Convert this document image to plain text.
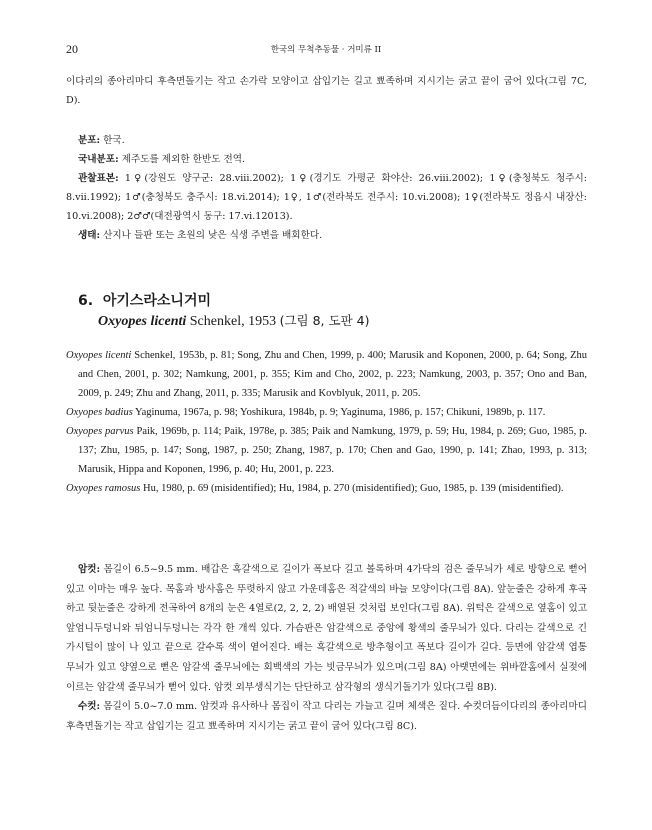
20	한국의 무척추동물 · 거미류 II
이다리의 종아리마디 후측면돌기는 작고 손가락 모양이고 삽입기는 길고 뾰족하며 지시기는 굵고 끝이 굽어 있다(그림 7C, D).

분포: 한국.

국내분포: 제주도를 제외한 한반도 전역.

관찰표본: 1♀(강원도 양구군: 28.viii.2002); 1♀(경기도 가평군 화야산: 26.viii.2002); 1♀(충청북도 청주시: 8.vii.1992); 1♂(충청북도 충주시: 18.vi.2014); 1♀, 1♂(전라북도 전주시: 10.vi.2008); 1♀(전라북도 정읍시 내장산: 10.vi.2008); 2♂♂(대전광역시 동구: 17.vi.12013).

생태: 산지나 들판 또는 초원의 낮은 식생 주변을 배회한다.

6. 아기스라소니거미
Oxyopes licenti Schenkel, 1953 (그림 8, 도판 4)

Oxyopes licenti Schenkel, 1953b, p. 81; Song, Zhu and Chen, 1999, p. 400; Marusik and Koponen, 2000, p. 64; Song, Zhu and Chen, 2001, p. 302; Namkung, 2001, p. 355; Kim and Cho, 2002, p. 223; Namkung, 2003, p. 357; Ono and Ban, 2009, p. 249; Zhu and Zhang, 2011, p. 335; Marusik and Kovblyuk, 2011, p. 205.

Oxyopes badius Yaginuma, 1967a, p. 98; Yoshikura, 1984b, p. 9; Yaginuma, 1986, p. 157; Chikuni, 1989b, p. 117.

Oxyopes parvus Paik, 1969b, p. 114; Paik, 1978e, p. 385; Paik and Namkung, 1979, p. 59; Hu, 1984, p. 269; Guo, 1985, p. 137; Zhu, 1985, p. 147; Song, 1987, p. 250; Zhang, 1987, p. 170; Chen and Gao, 1990, p. 141; Zhao, 1993, p. 313; Marusik, Hippa and Koponen, 1996, p. 40; Hu, 2001, p. 223.

Oxyopes ramosus Hu, 1980, p. 69 (misidentified); Hu, 1984, p. 270 (misidentified); Guo, 1985, p. 139 (misidentified).

암컷: 몸길이 6.5~9.5 mm. 배갑은 흑갈색으로 길이가 폭보다 길고 볼록하며 4가닥의 검은 줄무늬가 세로 방향으로 뻗어 있고 이마는 매우 높다. 목홈과 방사홈은 뚜렷하지 않고 가운데홈은 적갈색의 바늘 모양이다(그림 8A). 앞눈줄은 강하게 후곡하고 뒷눈줄은 강하게 전곡하여 8개의 눈은 4열로(2, 2, 2, 2) 배열된 것처럼 보인다(그림 8A). 위턱은 갈색으로 옆홈이 있고 앞엄니두덩니와 뒤엄니두덩니는 각각 한 개씩 있다. 가슴판은 암갈색으로 중앙에 황색의 줄무늬가 있다. 다리는 갈색으로 긴 가시털이 많이 나 있고 끝으로 갈수록 색이 옅어진다. 배는 흑갈색으로 방추형이고 폭보다 길이가 길다. 등면에 암갈색 엽통 무늬가 있고 양옆으로 뻗은 암갈색 줄무늬에는 회백색의 가는 빗금무늬가 있으며(그림 8A) 아랫면에는 위바깥홈에서 실젖에 이르는 암갈색 줄무늬가 뻗어 있다. 암컷 외부생식기는 단단하고 삼각형의 생식기돌기가 있다(그림 8B).

수컷: 몸길이 5.0~7.0 mm. 암컷과 유사하나 몸집이 작고 다리는 가늘고 길며 체색은 짙다. 수컷더듬이다리의 종아리마디 후측면돌기는 작고 삽입기는 길고 뾰족하며 지시기는 굵고 끝이 굽어 있다(그림 8C).
